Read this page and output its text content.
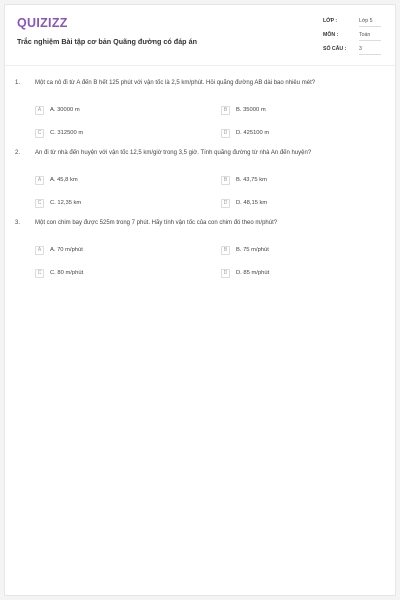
QUIZIZZ
Trắc nghiệm Bài tập cơ bản Quãng đường có đáp án
LỚP :	Lớp 5
MÔN :	Toán
SỐ CÂU : 3
1. Một ca nô đi từ A đến B hết 125 phút với vận tốc là 2,5 km/phút. Hỏi quãng đường AB dài bao nhiêu mét?
A	A. 30000 m	B	B. 35000 m
C	C. 312500 m	D	D. 425100 m
2. An đi từ nhà đến huyện với vận tốc 12,5 km/giờ trong 3,5 giờ. Tính quãng đường từ nhà An đến huyện?
A	A. 45,8 km	B	B. 43,75 km
C	C. 12,35 km	D	D. 48,15 km
3. Một con chim bay được 525m trong 7 phút. Hãy tính vận tốc của con chim đó theo m/phút?
A	A. 70 m/phút	B	B. 75 m/phút
C	C. 80 m/phút	D	D. 85 m/phút
